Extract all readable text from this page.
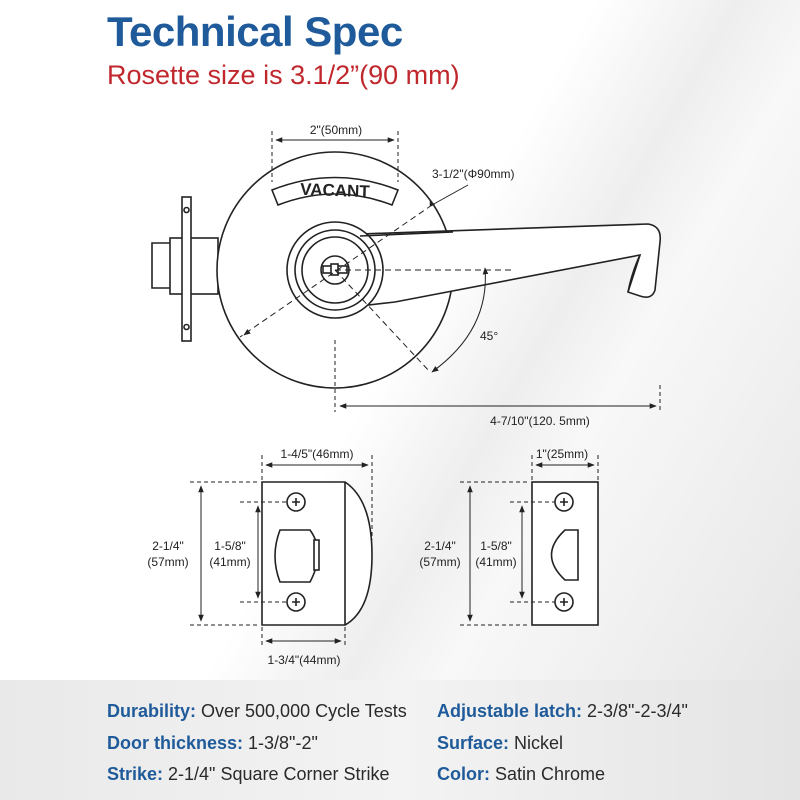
Technical Spec
Rosette size is 3.1/2”(90 mm)
VACANT
2"(50mm)
3-1/2"(Φ90mm)
45°
4-7/10"(120. 5mm)
1-4/5"(46mm)
2-1/4"
(57mm)
1-5/8"
(41mm)
1-3/4"(44mm)
1"(25mm)
2-1/4"
(57mm)
1-5/8"
(41mm)
Durability: Over 500,000 Cycle Tests Adjustable latch: 2-3/8"-2-3/4"
Door thickness: 1-3/8"-2"	Surface: Nickel
Strike: 2-1/4" Square Corner Strike	Color: Satin Chrome
